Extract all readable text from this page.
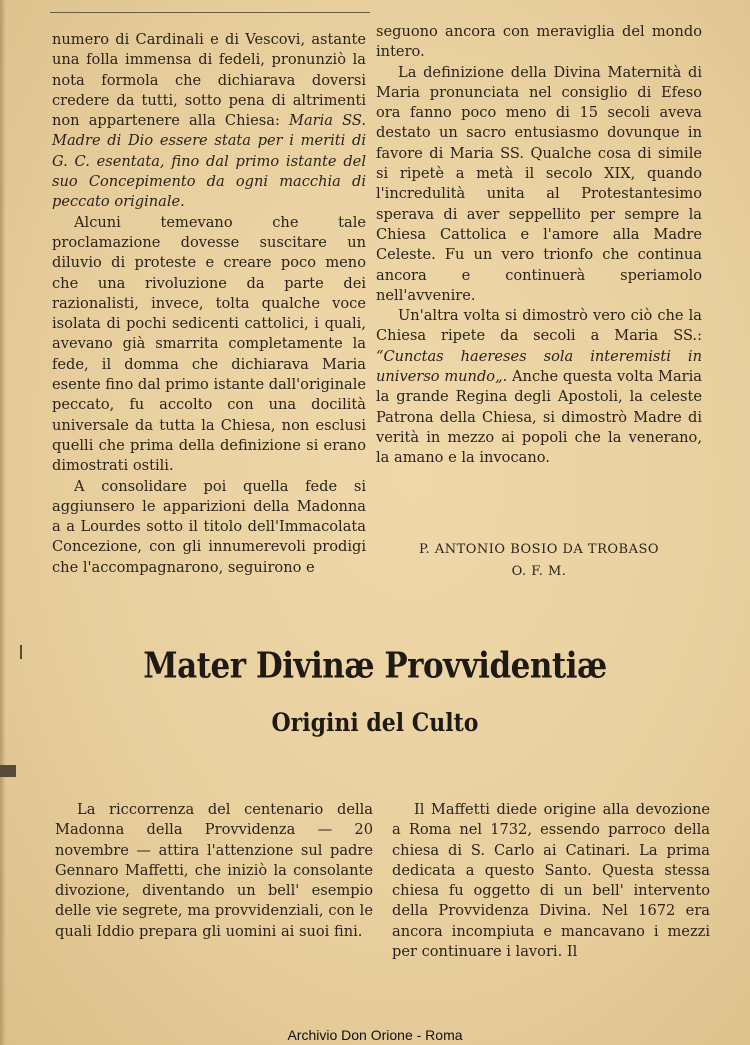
numero di Cardinali e di Vescovi, astante una folla immensa di fedeli, pronunziò la nota formola che dichiarava doversi credere da tutti, sotto pena di altrimenti non appartenere alla Chiesa: Maria SS. Madre di Dio essere stata per i meriti di G. C. esentata, fino dal primo istante del suo Concepimento da ogni macchia di peccato originale.

Alcuni temevano che tale proclamazione dovesse suscitare un diluvio di proteste e creare poco meno che una rivoluzione da parte dei razionalisti, invece, tolta qualche voce isolata di pochi sedicenti cattolici, i quali, avevano già smarrita completamente la fede, il domma che dichiarava Maria esente fino dal primo istante dall'originale peccato, fu accolto con una docilità universale da tutta la Chiesa, non esclusi quelli che prima della definizione si erano dimostrati ostili.

A consolidare poi quella fede si aggiunsero le apparizioni della Madonna a a Lourdes sotto il titolo dell'Immacolata Concezione, con gli innumerevoli prodigi che l'accompagnarono, seguirono e

seguono ancora con meraviglia del mondo intero.

La definizione della Divina Maternità di Maria pronunciata nel consiglio di Efeso ora fanno poco meno di 15 secoli aveva destato un sacro entusiasmo dovunque in favore di Maria SS. Qualche cosa di simile si ripetè a metà il secolo XIX, quando l'incredulità unita al Protestantesimo sperava di aver seppellito per sempre la Chiesa Cattolica e l'amore alla Madre Celeste. Fu un vero trionfo che continua ancora e continuerà speriamolo nell'avvenire.

Un'altra volta si dimostrò vero ciò che la Chiesa ripete da secoli a Maria SS.: “Cunctas haereses sola interemisti in universo mundo„. Anche questa volta Maria la grande Regina degli Apostoli, la celeste Patrona della Chiesa, si dimostrò Madre di verità in mezzo ai popoli che la venerano, la amano e la invocano.

P. ANTONIO BOSIO DA TROBASO
O. F. M.
Mater Divinæ Provvidentiæ
Origini del Culto

La riccorrenza del centenario della Madonna della Provvidenza — 20 novembre — attira l'attenzione sul padre Gennaro Maffetti, che iniziò la consolante divozione, diventando un bell' esempio delle vie segrete, ma provvidenziali, con le quali Iddio prepara gli uomini ai suoi fini.

Il Maffetti diede origine alla devozione a Roma nel 1732, essendo parroco della chiesa di S. Carlo ai Catinari. La prima dedicata a questo Santo. Questa stessa chiesa fu oggetto di un bell' intervento della Provvidenza Divina. Nel 1672 era ancora incompiuta e mancavano i mezzi per continuare i lavori. Il

Archivio Don Orione - Roma
